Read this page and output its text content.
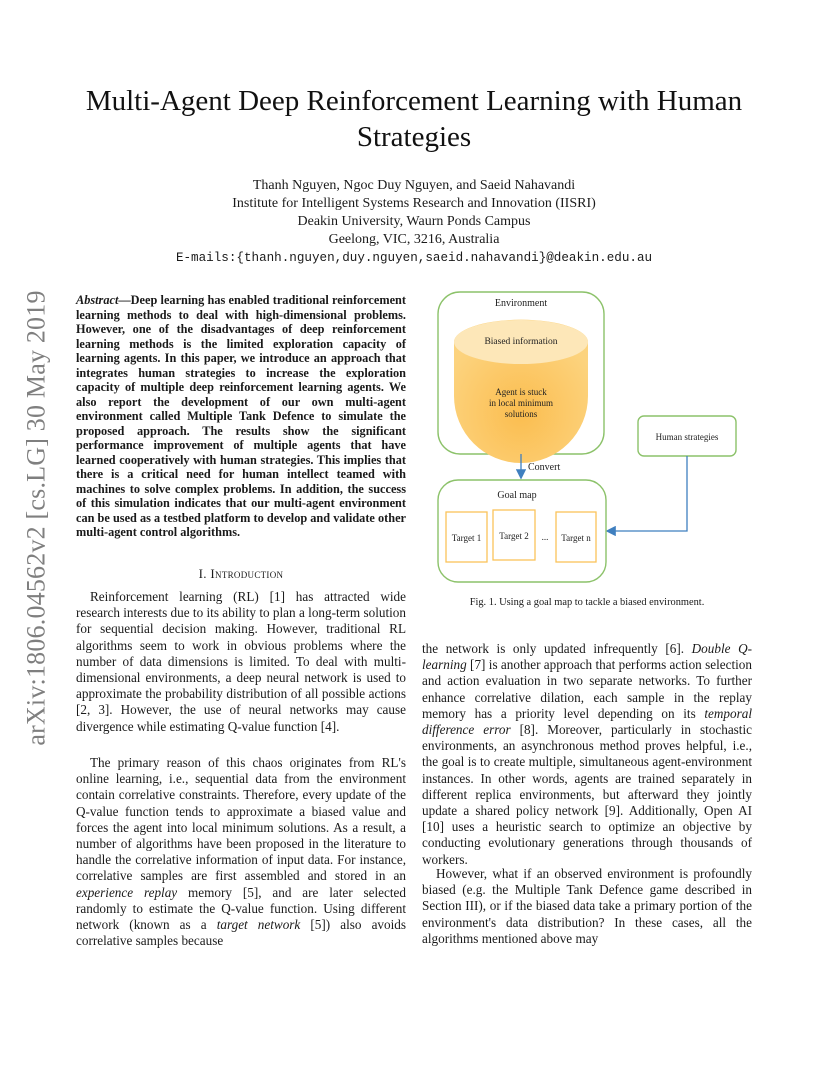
arXiv:1806.04562v2 [cs.LG] 30 May 2019
Multi-Agent Deep Reinforcement Learning with Human Strategies
Thanh Nguyen, Ngoc Duy Nguyen, and Saeid Nahavandi
Institute for Intelligent Systems Research and Innovation (IISRI)
Deakin University, Waurn Ponds Campus
Geelong, VIC, 3216, Australia
E-mails:{thanh.nguyen,duy.nguyen,saeid.nahavandi}@deakin.edu.au
Abstract—Deep learning has enabled traditional reinforcement learning methods to deal with high-dimensional problems. However, one of the disadvantages of deep reinforcement learning methods is the limited exploration capacity of learning agents. In this paper, we introduce an approach that integrates human strategies to increase the exploration capacity of multiple deep reinforcement learning agents. We also report the development of our own multi-agent environment called Multiple Tank Defence to simulate the proposed approach. The results show the significant performance improvement of multiple agents that have learned cooperatively with human strategies. This implies that there is a critical need for human intellect teamed with machines to solve complex problems. In addition, the success of this simulation indicates that our multi-agent environment can be used as a testbed platform to develop and validate other multi-agent control algorithms.
I. Introduction
Reinforcement learning (RL) [1] has attracted wide research interests due to its ability to plan a long-term solution for sequential decision making. However, traditional RL algorithms seem to work in obvious problems where the number of data dimensions is limited. To deal with multi-dimensional environments, a deep neural network is used to approximate the probability distribution of all possible actions [2, 3]. However, the use of neural networks may cause divergence while estimating Q-value function [4].
The primary reason of this chaos originates from RL's online learning, i.e., sequential data from the environment contain correlative constraints. Therefore, every update of the Q-value function tends to approximate a biased value and forces the agent into local minimum solutions. As a result, a number of algorithms have been proposed in the literature to handle the correlative information of input data. For instance, correlative samples are first assembled and stored in an experience replay memory [5], and are later selected randomly to estimate the Q-value function. Using different network (known as a target network [5]) also avoids correlative samples because
the network is only updated infrequently [6]. Double Q-learning [7] is another approach that performs action selection and action evaluation in two separate networks. To further enhance correlative dilation, each sample in the replay memory has a priority level depending on its temporal difference error [8]. Moreover, particularly in stochastic environments, an asynchronous method proves helpful, i.e., the goal is to create multiple, simultaneous agent-environment instances. In other words, agents are trained separately in different replica environments, but afterward they jointly update a shared policy network [9]. Additionally, Open AI [10] uses a heuristic search to optimize an objective by conducting evolutionary generations through thousands of workers.
However, what if an observed environment is profoundly biased (e.g. the Multiple Tank Defence game described in Section III), or if the biased data take a primary portion of the environment's data distribution? In these cases, all the algorithms mentioned above may
Environment
Biased information
Agent is stuck
in local minimum
solutions
Convert
Human strategies
Goal map
Target 1 Target 2 ... Target n
Fig. 1. Using a goal map to tackle a biased environment.
